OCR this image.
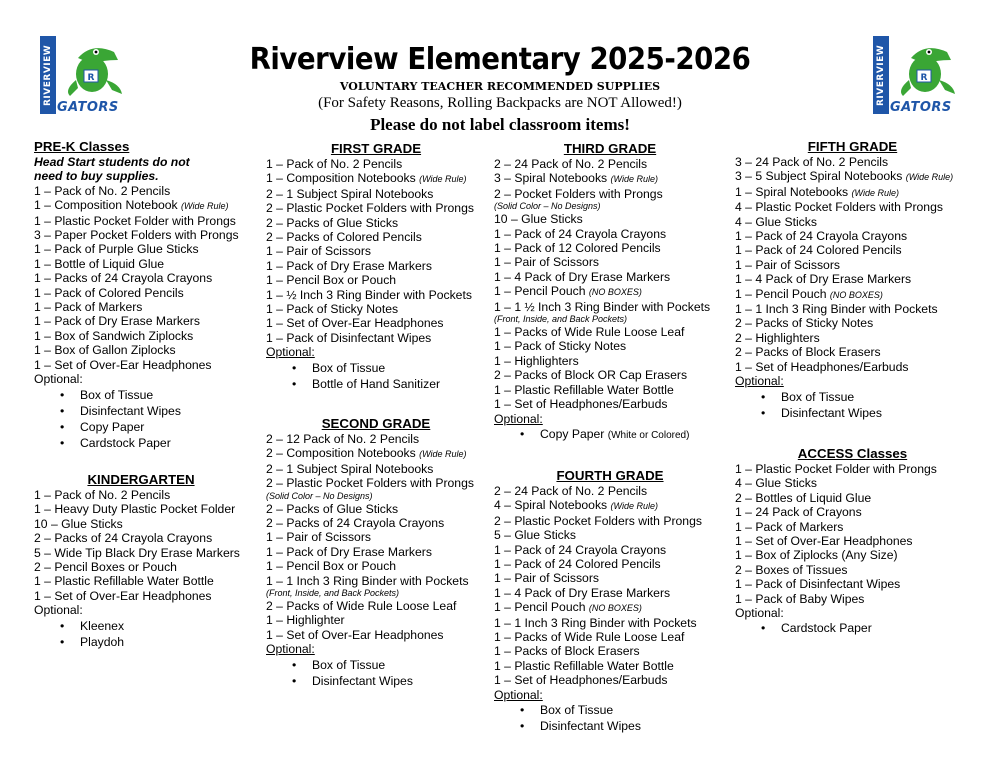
RIVERVIEW	R
GATORS
RIVERVIEW	R
GATORS
Riverview Elementary 2025-2026
VOLUNTARY TEACHER RECOMMENDED SUPPLIES
(For Safety Reasons, Rolling Backpacks are NOT Allowed!)
Please do not label classroom items!
PRE-K Classes
Head Start students do not
need to buy supplies.
1 – Pack of No. 2 Pencils
1 – Composition Notebook (Wide Rule)
1 – Plastic Pocket Folder with Prongs
3 – Paper Pocket Folders with Prongs
1 – Pack of Purple Glue Sticks
1 – Bottle of Liquid Glue
1 – Packs of 24 Crayola Crayons
1 – Pack of Colored Pencils
1 – Pack of Markers
1 – Pack of Dry Erase Markers
1 – Box of Sandwich Ziplocks
1 – Box of Gallon Ziplocks
1 – Set of Over-Ear Headphones
Optional:
• Box of Tissue
• Disinfectant Wipes
• Copy Paper
• Cardstock Paper
KINDERGARTEN
1 – Pack of No. 2 Pencils
1 – Heavy Duty Plastic Pocket Folder
10 – Glue Sticks
2 – Packs of 24 Crayola Crayons
5 – Wide Tip Black Dry Erase Markers
2 – Pencil Boxes or Pouch
1 – Plastic Refillable Water Bottle
1 – Set of Over-Ear Headphones
Optional:
• Kleenex
• Playdoh
FIRST GRADE
1 – Pack of No. 2 Pencils
1 – Composition Notebooks (Wide Rule)
2 – 1 Subject Spiral Notebooks
2 – Plastic Pocket Folders with Prongs
2 – Packs of Glue Sticks
2 – Packs of Colored Pencils
1 – Pair of Scissors
1 – Pack of Dry Erase Markers
1 – Pencil Box or Pouch
1 – ½ Inch 3 Ring Binder with Pockets
1 – Pack of Sticky Notes
1 – Set of Over-Ear Headphones
1 – Pack of Disinfectant Wipes
Optional:
• Box of Tissue
• Bottle of Hand Sanitizer
SECOND GRADE
2 – 12 Pack of No. 2 Pencils
2 – Composition Notebooks (Wide Rule)
2 – 1 Subject Spiral Notebooks
2 – Plastic Pocket Folders with Prongs
(Solid Color – No Designs)
2 – Packs of Glue Sticks
2 – Packs of 24 Crayola Crayons
1 – Pair of Scissors
1 – Pack of Dry Erase Markers
1 – Pencil Box or Pouch
1 – 1 Inch 3 Ring Binder with Pockets
(Front, Inside, and Back Pockets)
2 – Packs of Wide Rule Loose Leaf
1 – Highlighter
1 – Set of Over-Ear Headphones
Optional:
• Box of Tissue
• Disinfectant Wipes
THIRD GRADE
2 – 24 Pack of No. 2 Pencils
3 – Spiral Notebooks (Wide Rule)
2 – Pocket Folders with Prongs
(Solid Color – No Designs)
10 – Glue Sticks
1 – Pack of 24 Crayola Crayons
1 – Pack of 12 Colored Pencils
1 – Pair of Scissors
1 – 4 Pack of Dry Erase Markers
1 – Pencil Pouch (NO BOXES)
1 – 1 ½ Inch 3 Ring Binder with Pockets
(Front, Inside, and Back Pockets)
1 – Packs of Wide Rule Loose Leaf
1 – Pack of Sticky Notes
1 – Highlighters
2 – Packs of Block OR Cap Erasers
1 – Plastic Refillable Water Bottle
1 – Set of Headphones/Earbuds
Optional:
• Copy Paper (White or Colored)
FOURTH GRADE
2 – 24 Pack of No. 2 Pencils
4 – Spiral Notebooks (Wide Rule)
2 – Plastic Pocket Folders with Prongs
5 – Glue Sticks
1 – Pack of 24 Crayola Crayons
1 – Pack of 24 Colored Pencils
1 – Pair of Scissors
1 – 4 Pack of Dry Erase Markers
1 – Pencil Pouch (NO BOXES)
1 – 1 Inch 3 Ring Binder with Pockets
1 – Packs of Wide Rule Loose Leaf
1 – Packs of Block Erasers
1 – Plastic Refillable Water Bottle
1 – Set of Headphones/Earbuds
Optional:
• Box of Tissue
• Disinfectant Wipes
FIFTH GRADE
3 – 24 Pack of No. 2 Pencils
3 – 5 Subject Spiral Notebooks (Wide Rule)
1 – Spiral Notebooks (Wide Rule)
4 – Plastic Pocket Folders with Prongs
4 – Glue Sticks
1 – Pack of 24 Crayola Crayons
1 – Pack of 24 Colored Pencils
1 – Pair of Scissors
1 – 4 Pack of Dry Erase Markers
1 – Pencil Pouch (NO BOXES)
1 – 1 Inch 3 Ring Binder with Pockets
2 – Packs of Sticky Notes
2 – Highlighters
2 – Packs of Block Erasers
1 – Set of Headphones/Earbuds
Optional:
• Box of Tissue
• Disinfectant Wipes
ACCESS Classes
1 – Plastic Pocket Folder with Prongs
4 – Glue Sticks
2 – Bottles of Liquid Glue
1 – 24 Pack of Crayons
1 – Pack of Markers
1 – Set of Over-Ear Headphones
1 – Box of Ziplocks (Any Size)
2 – Boxes of Tissues
1 – Pack of Disinfectant Wipes
1 – Pack of Baby Wipes
Optional:
• Cardstock Paper
